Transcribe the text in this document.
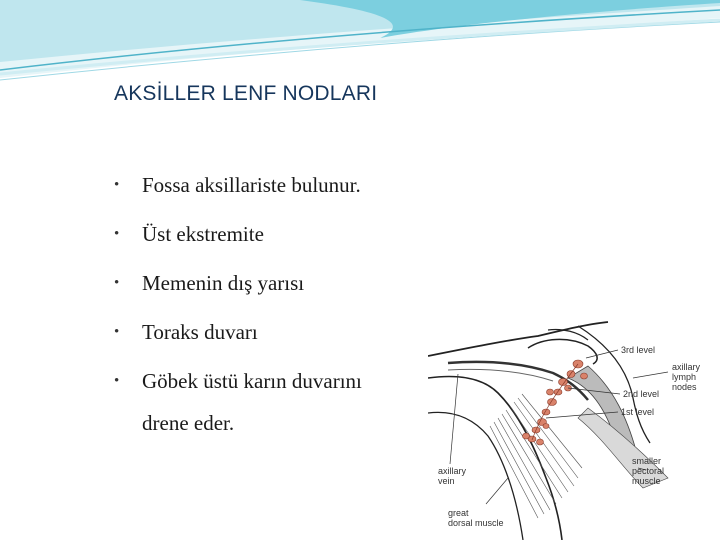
AKSİLLER LENF NODLARI
• Fossa aksillariste bulunur.
• Üst ekstremite
• Memenin dış yarısı
• Toraks duvarı
• Göbek üstü karın duvarını
drene eder.
3rd level
2nd level
1st level
axillary
lymph
nodes
smaller
pectoral
muscle
axillary
vein
great
dorsal muscle
